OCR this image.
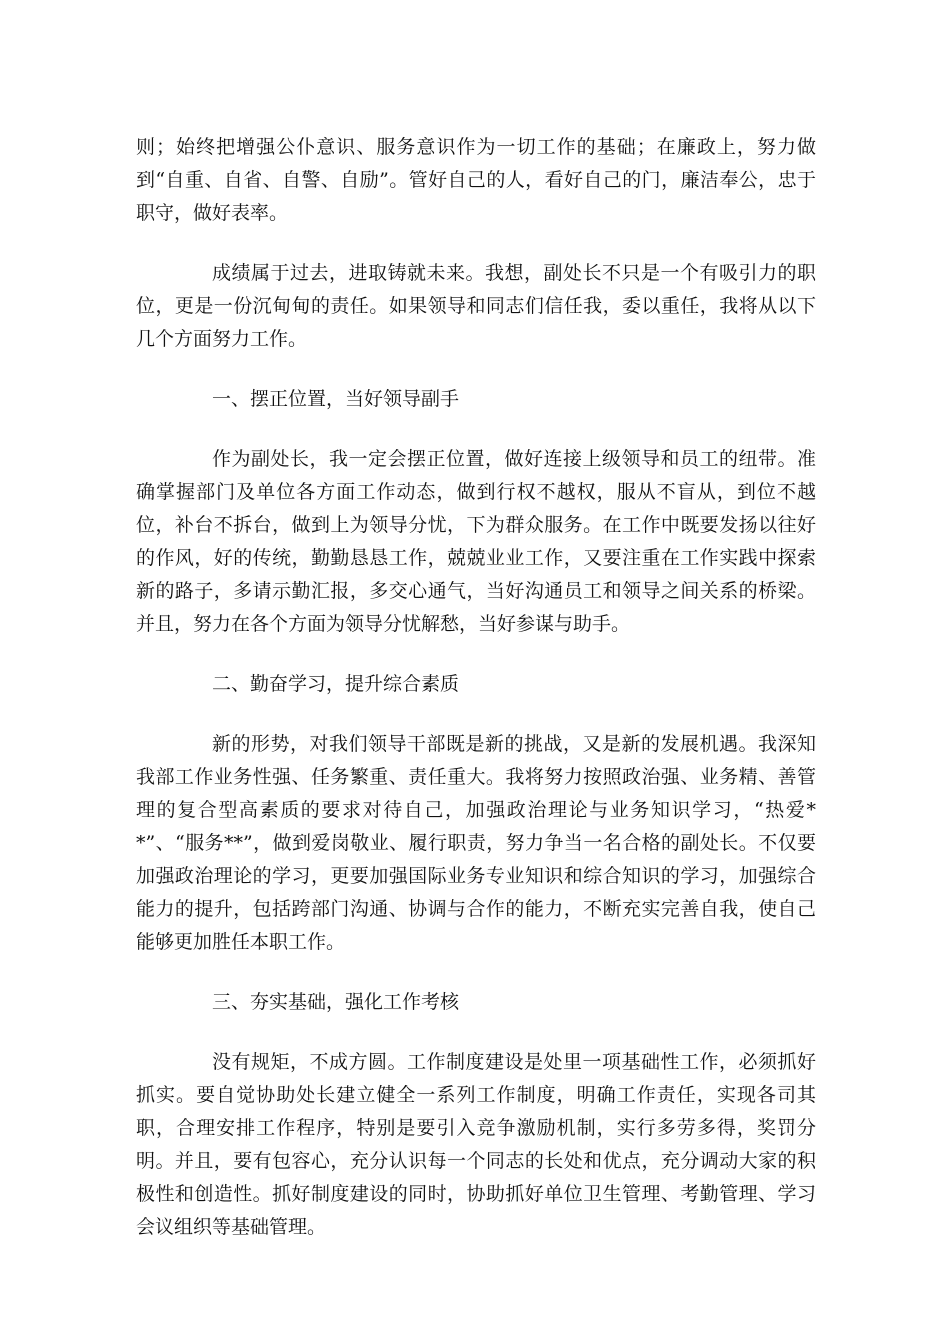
则；始终把增强公仆意识、服务意识作为一切工作的基础；在廉政上，努力做到“自重、自省、自警、自励”。管好自己的人，看好自己的门，廉洁奉公，忠于职守，做好表率。

成绩属于过去，进取铸就未来。我想，副处长不只是一个有吸引力的职位，更是一份沉甸甸的责任。如果领导和同志们信任我，委以重任，我将从以下几个方面努力工作。

一、摆正位置，当好领导副手

作为副处长，我一定会摆正位置，做好连接上级领导和员工的纽带。准确掌握部门及单位各方面工作动态，做到行权不越权，服从不盲从，到位不越位，补台不拆台，做到上为领导分忧，下为群众服务。在工作中既要发扬以往好的作风，好的传统，勤勤恳恳工作，兢兢业业工作，又要注重在工作实践中探索新的路子，多请示勤汇报，多交心通气，当好沟通员工和领导之间关系的桥梁。并且，努力在各个方面为领导分忧解愁，当好参谋与助手。

二、勤奋学习，提升综合素质

新的形势，对我们领导干部既是新的挑战，又是新的发展机遇。我深知我部工作业务性强、任务繁重、责任重大。我将努力按照政治强、业务精、善管理的复合型高素质的要求对待自己，加强政治理论与业务知识学习，“热爱**”、“服务**”，做到爱岗敬业、履行职责，努力争当一名合格的副处长。不仅要加强政治理论的学习，更要加强国际业务专业知识和综合知识的学习，加强综合能力的提升，包括跨部门沟通、协调与合作的能力，不断充实完善自我，使自己能够更加胜任本职工作。

三、夯实基础，强化工作考核

没有规矩，不成方圆。工作制度建设是处里一项基础性工作，必须抓好抓实。要自觉协助处长建立健全一系列工作制度，明确工作责任，实现各司其职，合理安排工作程序，特别是要引入竞争激励机制，实行多劳多得，奖罚分明。并且，要有包容心，充分认识每一个同志的长处和优点，充分调动大家的积极性和创造性。抓好制度建设的同时，协助抓好单位卫生管理、考勤管理、学习会议组织等基础管理。
